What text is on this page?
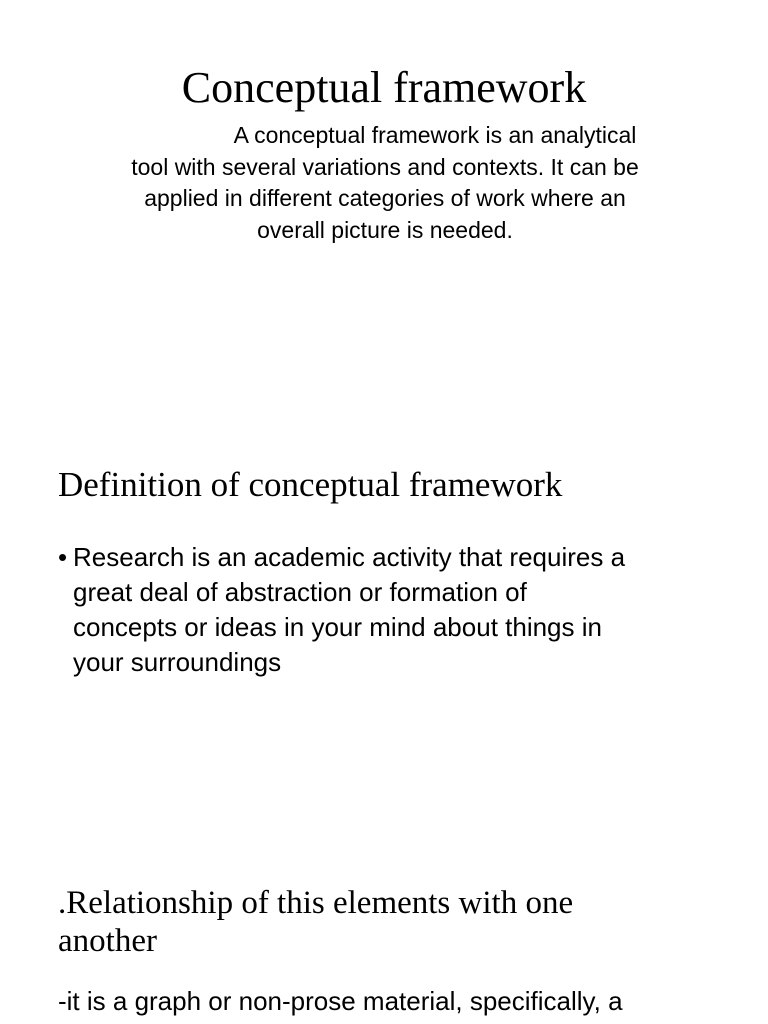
Conceptual framework
A conceptual framework is an analytical
tool with several variations and contexts. It can be
applied in different categories of work where an
overall picture is needed.
Definition of conceptual framework
• Research is an academic activity that requires a
great deal of abstraction or formation of
concepts or ideas in your mind about things in
your surroundings
.Relationship of this elements with one
another
-it is a graph or non-prose material, specifically, a
